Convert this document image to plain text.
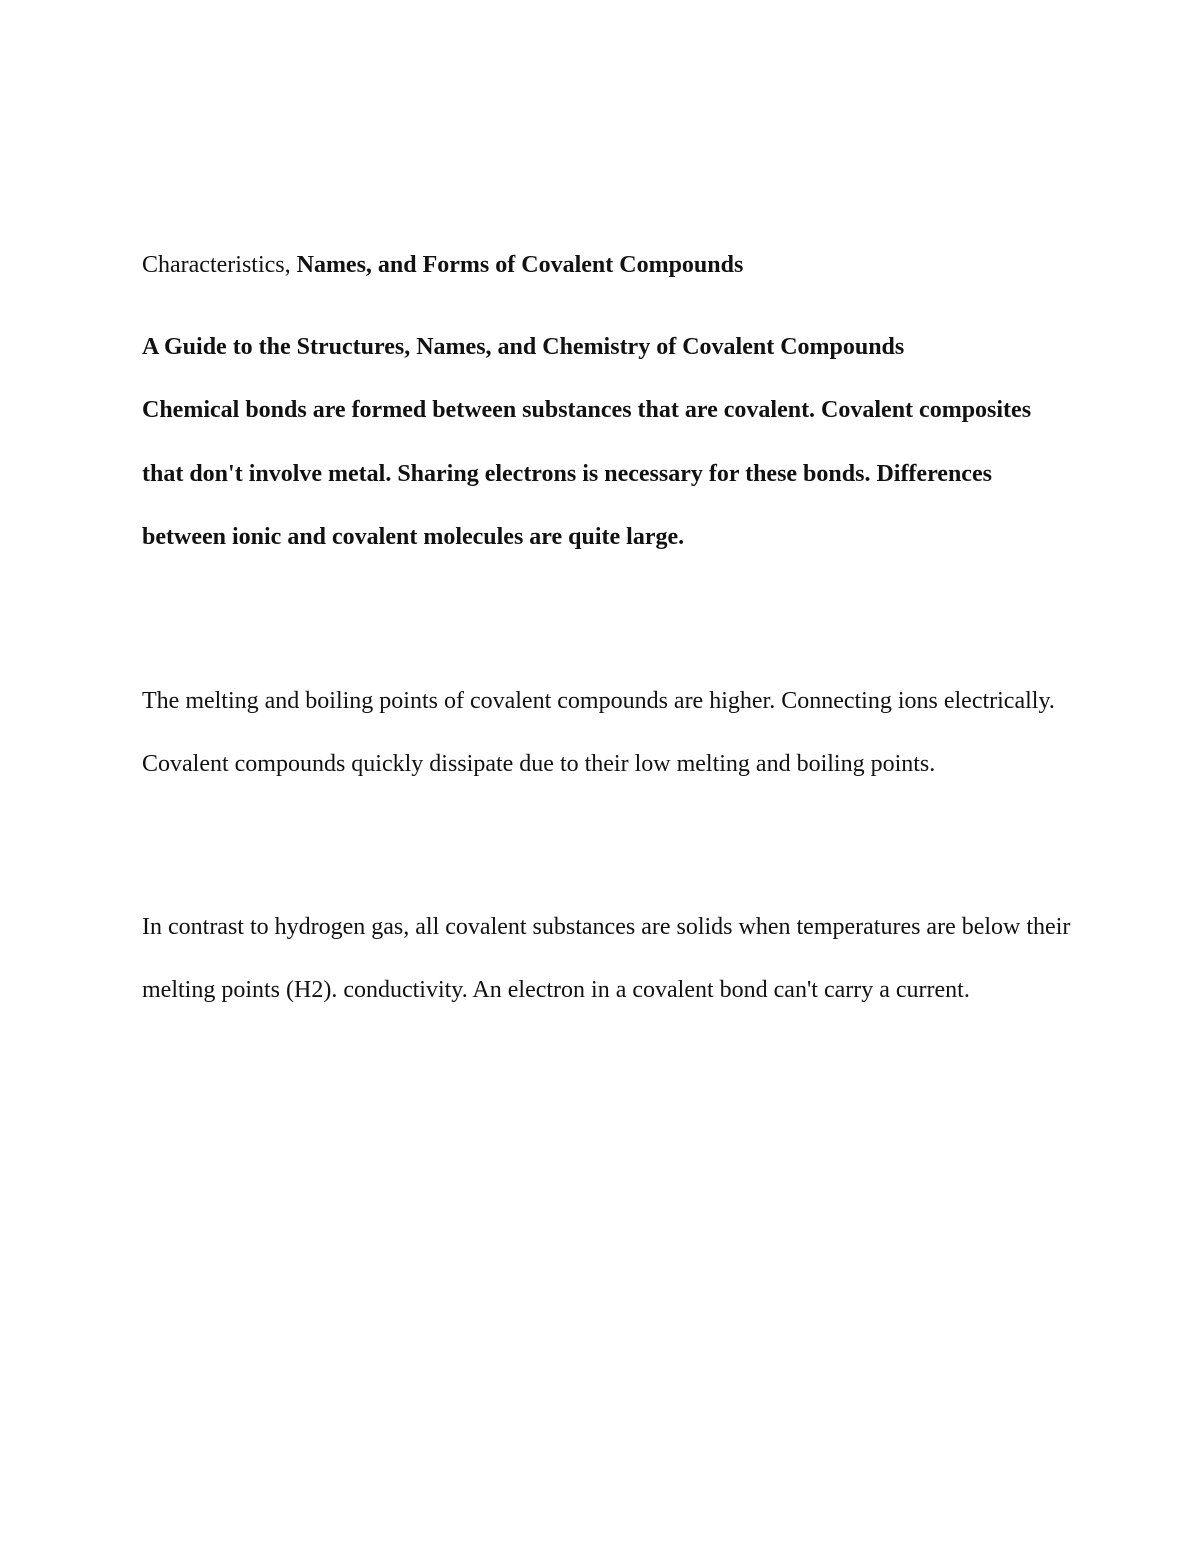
Characteristics, Names, and Forms of Covalent Compounds
A Guide to the Structures, Names, and Chemistry of Covalent Compounds

Chemical bonds are formed between substances that are covalent. Covalent composites that don't involve metal. Sharing electrons is necessary for these bonds. Differences between ionic and covalent molecules are quite large.

The melting and boiling points of covalent compounds are higher. Connecting ions electrically. Covalent compounds quickly dissipate due to their low melting and boiling points.

In contrast to hydrogen gas, all covalent substances are solids when temperatures are below their melting points (H2). conductivity. An electron in a covalent bond can't carry a current.
